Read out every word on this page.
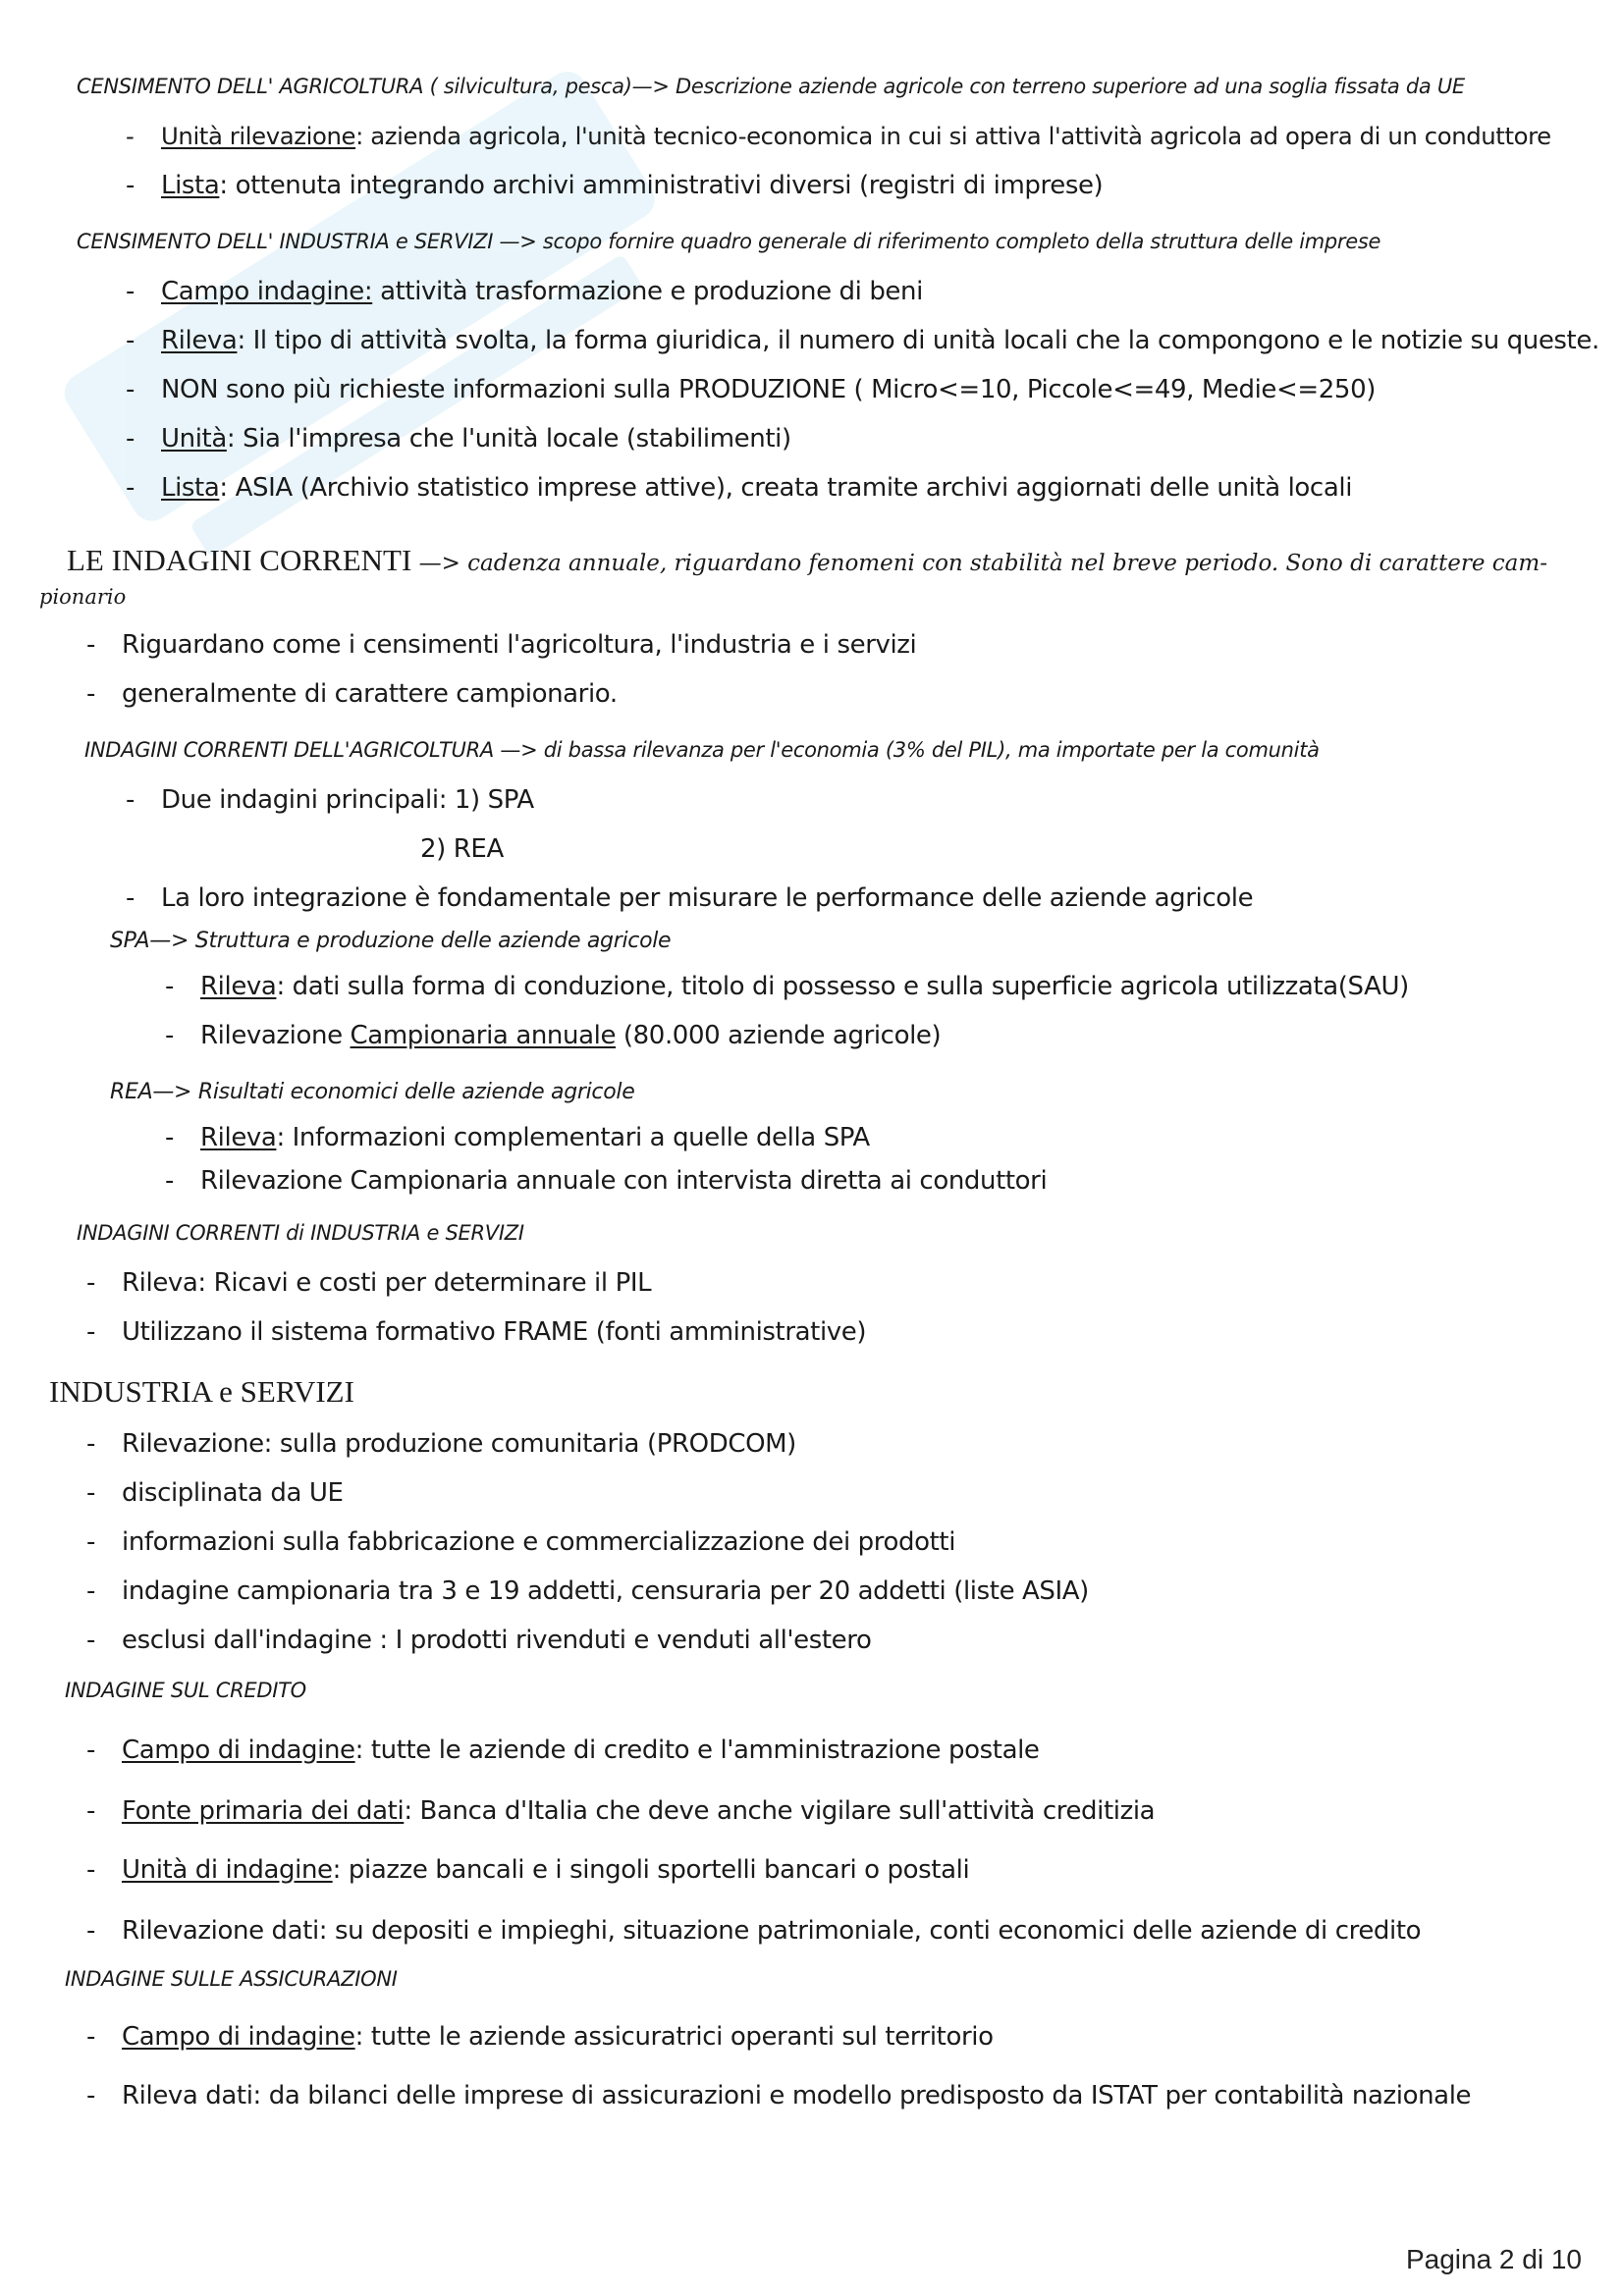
CENSIMENTO DELL' AGRICOLTURA ( silvicultura, pesca)—> Descrizione aziende agricole con terreno superiore ad una soglia fissata da UE
- Unità rilevazione: azienda agricola, l'unità tecnico-economica in cui si attiva l'attività agricola ad opera di un conduttore
- Lista: ottenuta integrando archivi amministrativi diversi (registri di imprese)
CENSIMENTO DELL' INDUSTRIA e SERVIZI —> scopo fornire quadro generale di riferimento completo della struttura delle imprese
- Campo indagine: attività trasformazione e produzione di beni
- Rileva: Il tipo di attività svolta, la forma giuridica, il numero di unità locali che la compongono e le notizie su queste.
- NON sono più richieste informazioni sulla PRODUZIONE ( Micro<=10, Piccole<=49, Medie<=250)
- Unità: Sia l'impresa che l'unità locale (stabilimenti)
- Lista: ASIA (Archivio statistico imprese attive), creata tramite archivi aggiornati delle unità locali
LE INDAGINI CORRENTI —> cadenza annuale, riguardano fenomeni con stabilità nel breve periodo. Sono di carattere cam-
pionario
- Riguardano come i censimenti l'agricoltura, l'industria e i servizi
- generalmente di carattere campionario.
INDAGINI CORRENTI DELL'AGRICOLTURA —> di bassa rilevanza per l'economia (3% del PIL), ma importate per la comunità
- Due indagini principali: 1) SPA
2) REA
- La loro integrazione è fondamentale per misurare le performance delle aziende agricole
SPA—> Struttura e produzione delle aziende agricole
- Rileva: dati sulla forma di conduzione, titolo di possesso e sulla superficie agricola utilizzata(SAU)
- Rilevazione Campionaria annuale (80.000 aziende agricole)
REA—> Risultati economici delle aziende agricole
- Rileva: Informazioni complementari a quelle della SPA
- Rilevazione Campionaria annuale con intervista diretta ai conduttori
INDAGINI CORRENTI di INDUSTRIA e SERVIZI
- Rileva: Ricavi e costi per determinare il PIL
- Utilizzano il sistema formativo FRAME (fonti amministrative)
INDUSTRIA e SERVIZI
- Rilevazione: sulla produzione comunitaria (PRODCOM)
- disciplinata da UE
- informazioni sulla fabbricazione e commercializzazione dei prodotti
- indagine campionaria tra 3 e 19 addetti, censuraria per 20 addetti (liste ASIA)
- esclusi dall'indagine : I prodotti rivenduti e venduti all'estero
INDAGINE SUL CREDITO
- Campo di indagine: tutte le aziende di credito e l'amministrazione postale
- Fonte primaria dei dati: Banca d'Italia che deve anche vigilare sull'attività creditizia
- Unità di indagine: piazze bancali e i singoli sportelli bancari o postali
- Rilevazione dati: su depositi e impieghi, situazione patrimoniale, conti economici delle aziende di credito
INDAGINE SULLE ASSICURAZIONI
- Campo di indagine: tutte le aziende assicuratrici operanti sul territorio
- Rileva dati: da bilanci delle imprese di assicurazioni e modello predisposto da ISTAT per contabilità nazionale
Pagina 2 di 10
